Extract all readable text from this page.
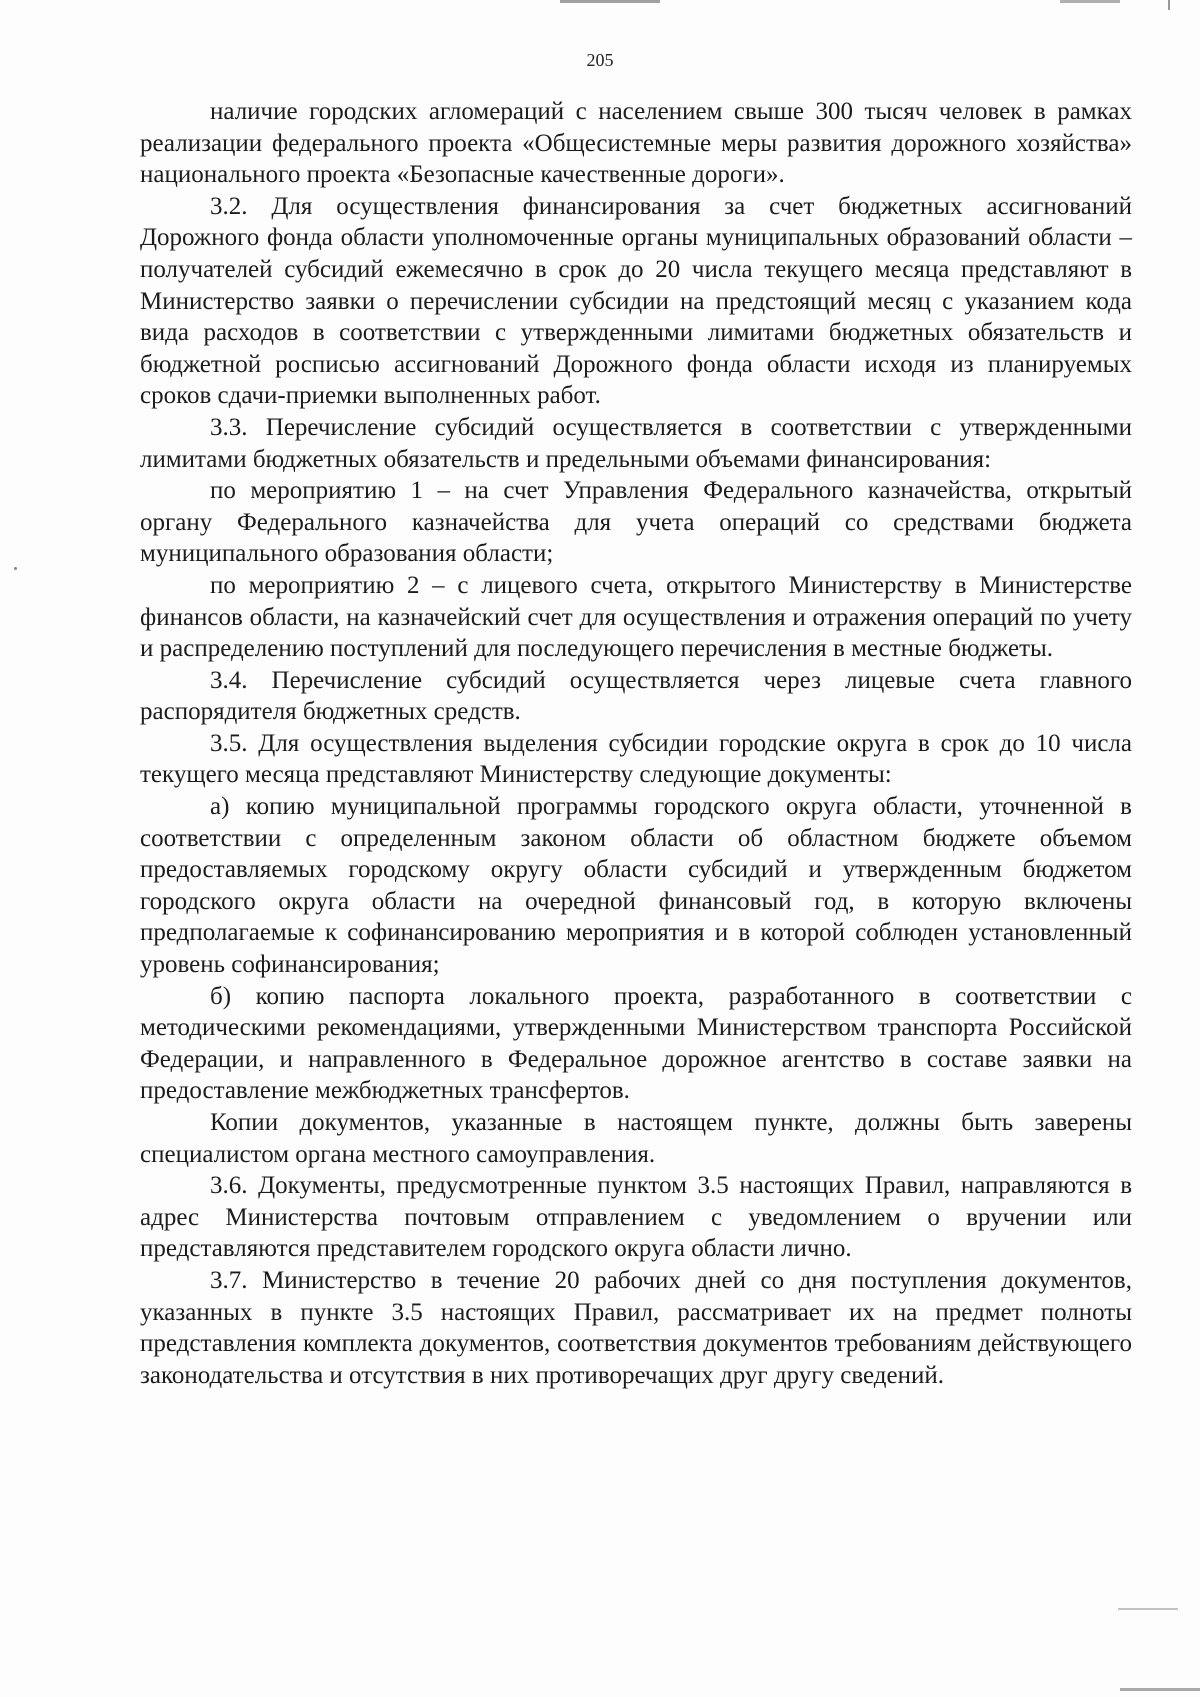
205

наличие городских агломераций с населением свыше 300 тысяч человек в рамках реализации федерального проекта «Общесистемные меры развития дорожного хозяйства» национального проекта «Безопасные качественные дороги».

3.2. Для осуществления финансирования за счет бюджетных ассигнований Дорожного фонда области уполномоченные органы муниципальных образований области – получателей субсидий ежемесячно в срок до 20 числа текущего месяца представляют в Министерство заявки о перечислении субсидии на предстоящий месяц с указанием кода вида расходов в соответствии с утвержденными лимитами бюджетных обязательств и бюджетной росписью ассигнований Дорожного фонда области исходя из планируемых сроков сдачи-приемки выполненных работ.

3.3. Перечисление субсидий осуществляется в соответствии с утвержденными лимитами бюджетных обязательств и предельными объемами финансирования:

по мероприятию 1 – на счет Управления Федерального казначейства, открытый органу Федерального казначейства для учета операций со средствами бюджета муниципального образования области;

по мероприятию 2 – с лицевого счета, открытого Министерству в Министерстве финансов области, на казначейский счет для осуществления и отражения операций по учету и распределению поступлений для последующего перечисления в местные бюджеты.

3.4. Перечисление субсидий осуществляется через лицевые счета главного распорядителя бюджетных средств.

3.5. Для осуществления выделения субсидии городские округа в срок до 10 числа текущего месяца представляют Министерству следующие документы:

а) копию муниципальной программы городского округа области, уточненной в соответствии с определенным законом области об областном бюджете объемом предоставляемых городскому округу области субсидий и утвержденным бюджетом городского округа области на очередной финансовый год, в которую включены предполагаемые к софинансированию мероприятия и в которой соблюден установленный уровень софинансирования;

б) копию паспорта локального проекта, разработанного в соответствии с методическими рекомендациями, утвержденными Министерством транспорта Российской Федерации, и направленного в Федеральное дорожное агентство в составе заявки на предоставление межбюджетных трансфертов.

Копии документов, указанные в настоящем пункте, должны быть заверены специалистом органа местного самоуправления.

3.6. Документы, предусмотренные пунктом 3.5 настоящих Правил, направляются в адрес Министерства почтовым отправлением с уведомлением о вручении или представляются представителем городского округа области лично.

3.7. Министерство в течение 20 рабочих дней со дня поступления документов, указанных в пункте 3.5 настоящих Правил, рассматривает их на предмет полноты представления комплекта документов, соответствия документов требованиям действующего законодательства и отсутствия в них противоречащих друг другу сведений.
